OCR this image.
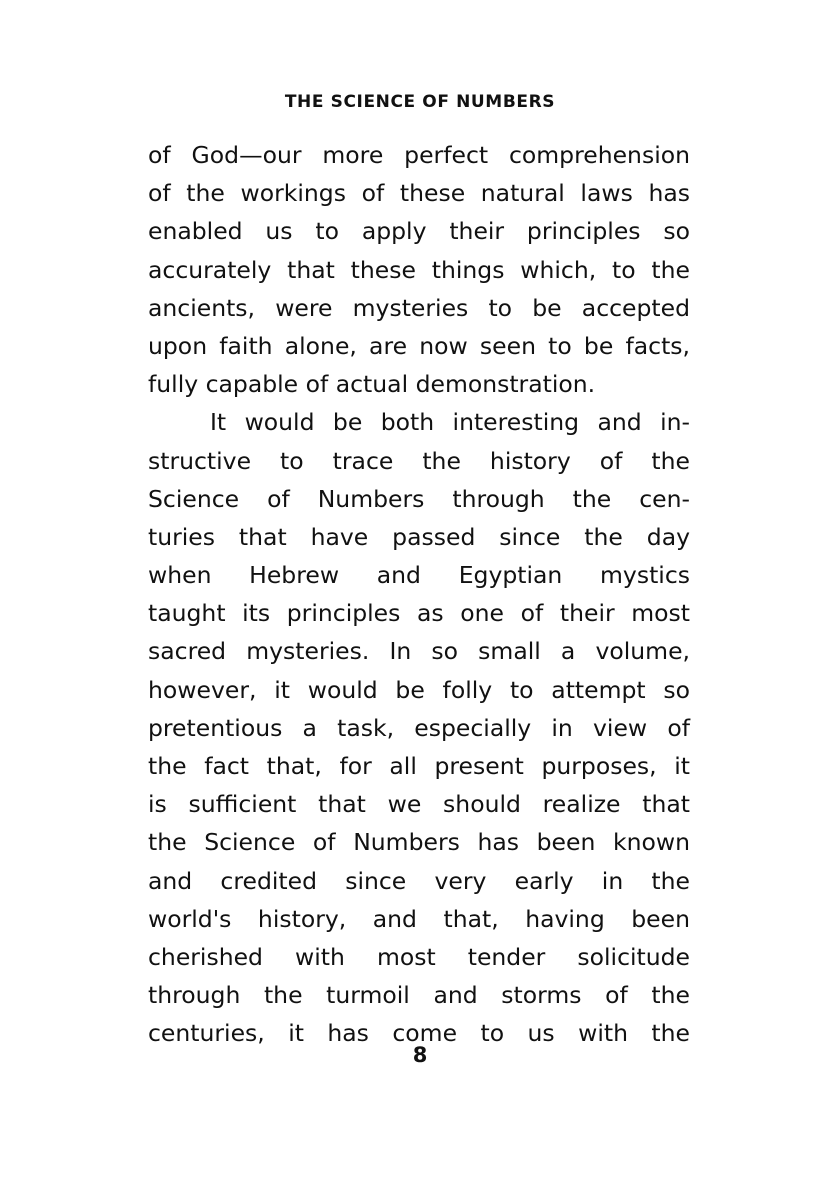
THE SCIENCE OF NUMBERS
of God—our more perfect comprehension
of the workings of these natural laws has
enabled us to apply their principles so
accurately that these things which, to the
ancients, were mysteries to be accepted
upon faith alone, are now seen to be facts,
fully capable of actual demonstration.
It would be both interesting and in-
structive to trace the history of the
Science of Numbers through the cen-
turies that have passed since the day
when Hebrew and Egyptian mystics
taught its principles as one of their most
sacred mysteries. In so small a volume,
however, it would be folly to attempt so
pretentious a task, especially in view of
the fact that, for all present purposes, it
is sufficient that we should realize that
the Science of Numbers has been known
and credited since very early in the
world's history, and that, having been
cherished with most tender solicitude
through the turmoil and storms of the
centuries, it has come to us with the
8
